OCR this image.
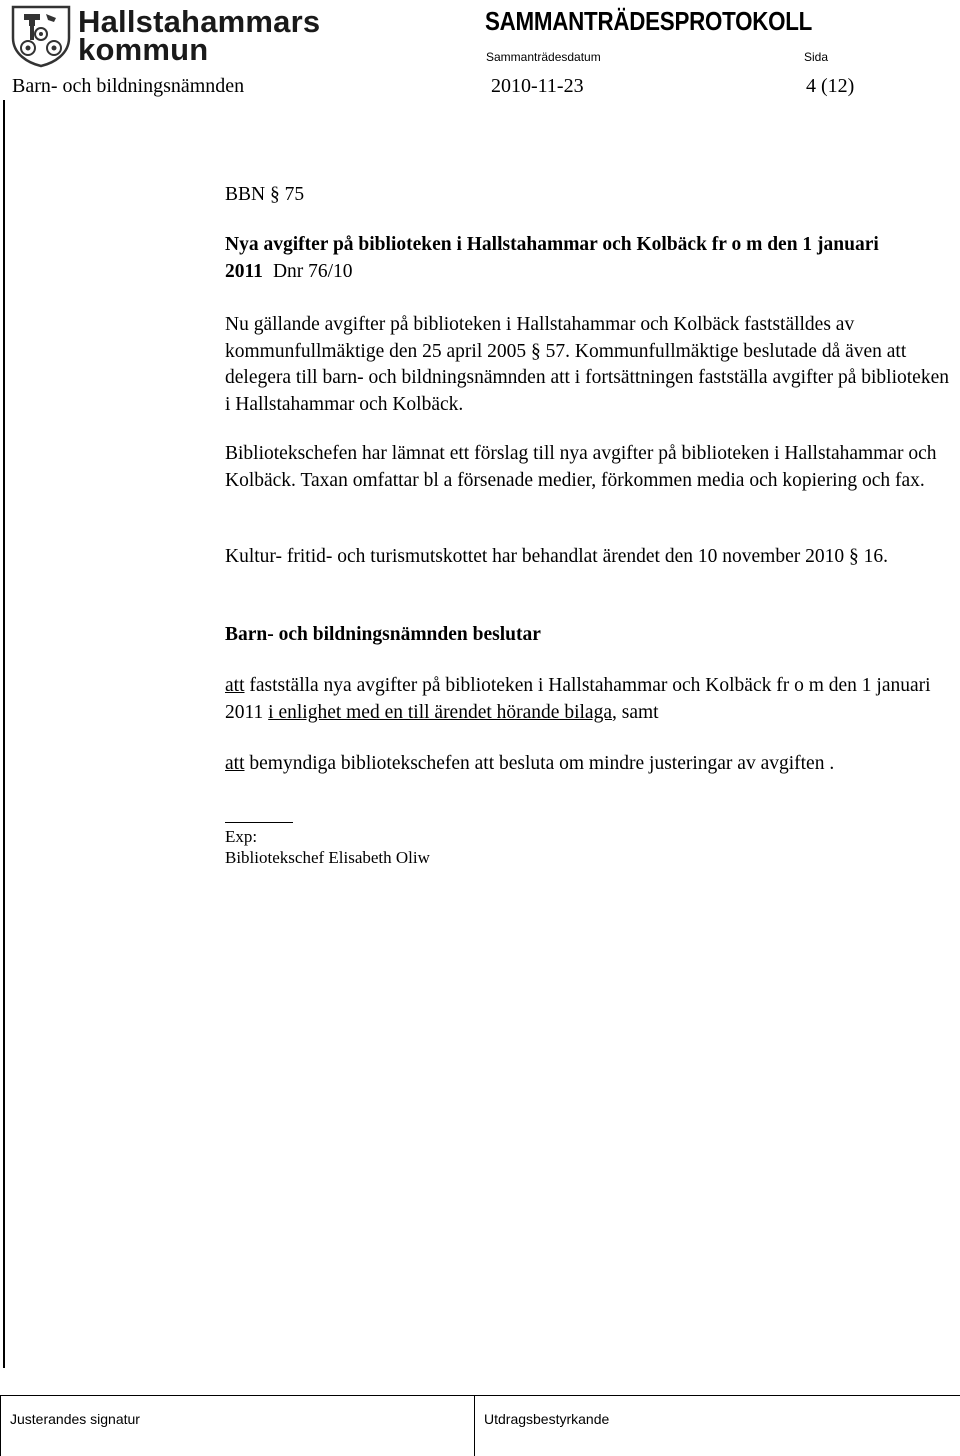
Hallstahammars
kommun
SAMMANTRÄDESPROTOKOLL
Sammanträdesdatum	Sida
Barn- och bildningsnämnden	2010-11-23	4 (12)
BBN § 75
Nya avgifter på biblioteken i Hallstahammar och Kolbäck fr o m den 1 januari 2011 Dnr 76/10
Nu gällande avgifter på biblioteken i Hallstahammar och Kolbäck fastställdes av kommunfullmäktige den 25 april 2005 § 57. Kommunfullmäktige beslutade då även att delegera till barn- och bildningsnämnden att i fortsättningen fastställa avgifter på biblioteken i Hallstahammar och Kolbäck.
Bibliotekschefen har lämnat ett förslag till nya avgifter på biblioteken i Hallstahammar och Kolbäck. Taxan omfattar bl a försenade medier, förkommen media och kopiering och fax.
Kultur- fritid- och turismutskottet har behandlat ärendet den 10 november 2010 § 16.
Barn- och bildningsnämnden beslutar
att fastställa nya avgifter på biblioteken i Hallstahammar och Kolbäck fr o m den 1 januari 2011 i enlighet med en till ärendet hörande bilaga, samt
att bemyndiga bibliotekschefen att besluta om mindre justeringar av avgiften .
Exp:
Bibliotekschef Elisabeth Oliw
Justerandes signatur	Utdragsbestyrkande
